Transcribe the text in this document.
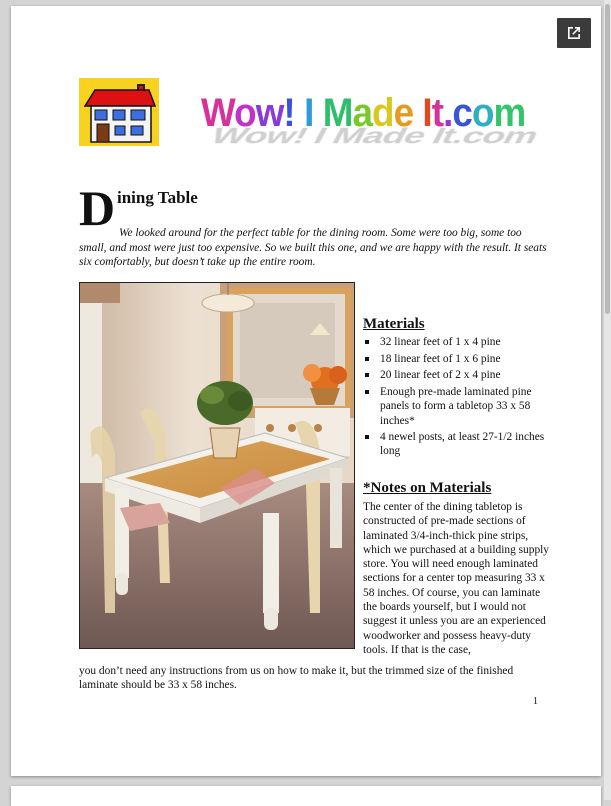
Wow! I Made It.com
Wow! I Made It.com
D ining Table

We looked around for the perfect table for the dining room. Some were too big, some too small, and most were just too expensive. So we built this one, and we are happy with the result. It seats six comfortably, but doesn’t take up the entire room.

Materials
32 linear feet of 1 x 4 pine
18 linear feet of 1 x 6 pine
20 linear feet of 2 x 4 pine
Enough pre-made laminated pine panels to form a tabletop 33 x 58 inches*
4 newel posts, at least 27-1/2 inches long
*Notes on Materials
The center of the dining tabletop is constructed of pre-made sections of laminated 3/4-inch-thick pine strips, which we purchased at a building supply store. You will need enough laminated sections for a center top measuring 33 x 58 inches. Of course, you can laminate the boards yourself, but I would not suggest it unless you are an experienced woodworker and possess heavy-duty tools. If that is the case,
you don’t need any instructions from us on how to make it, but the trimmed size of the finished laminate should be 33 x 58 inches.
1
